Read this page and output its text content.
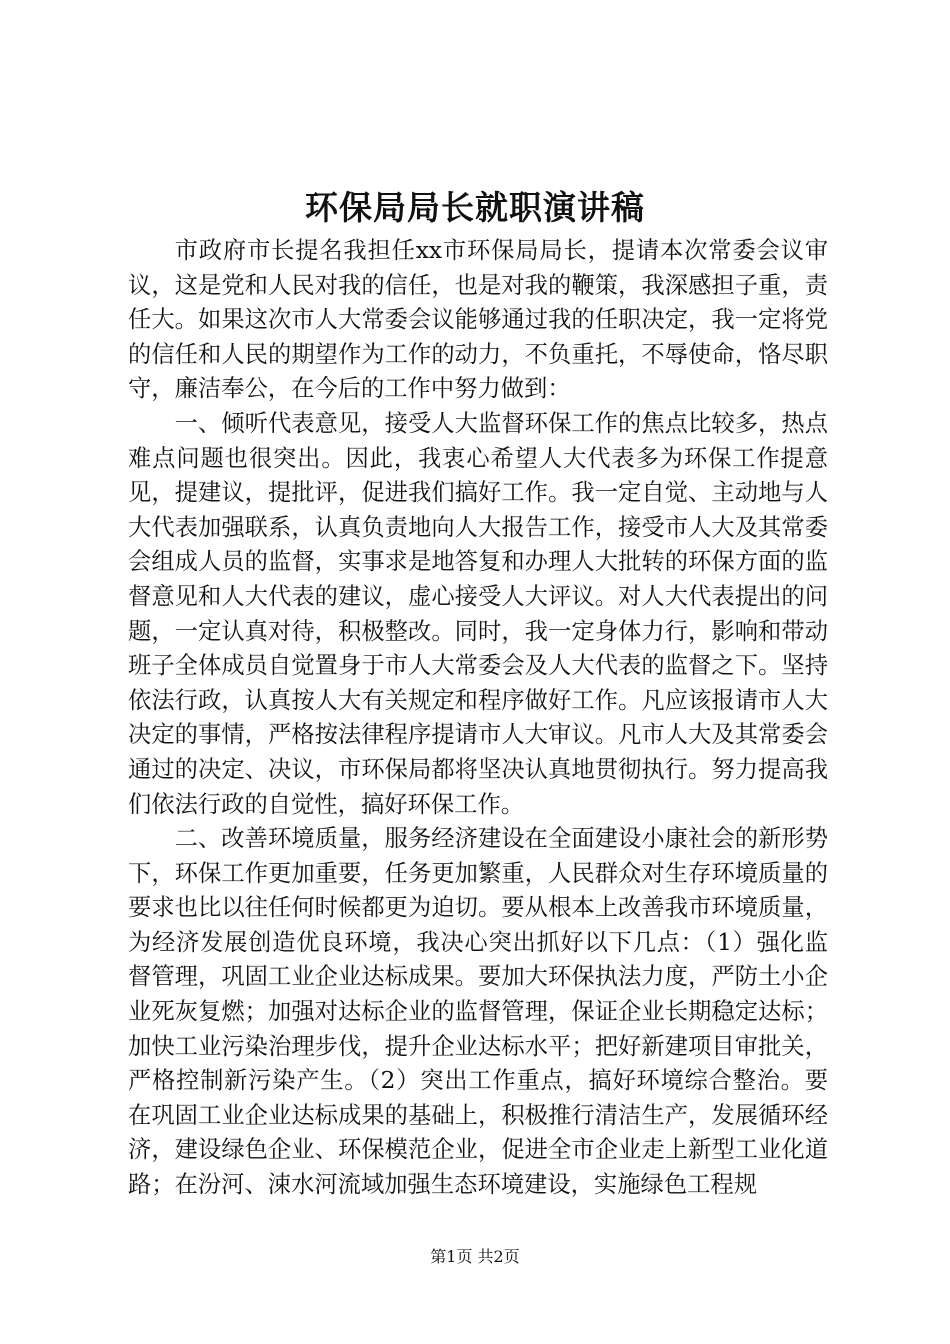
环保局局长就职演讲稿

市政府市长提名我担任xx市环保局局长，提请本次常委会议审议，这是党和人民对我的信任，也是对我的鞭策，我深感担子重，责任大。如果这次市人大常委会议能够通过我的任职决定，我一定将党的信任和人民的期望作为工作的动力，不负重托，不辱使命，恪尽职守，廉洁奉公，在今后的工作中努力做到：

一、倾听代表意见，接受人大监督环保工作的焦点比较多，热点难点问题也很突出。因此，我衷心希望人大代表多为环保工作提意见，提建议，提批评，促进我们搞好工作。我一定自觉、主动地与人大代表加强联系，认真负责地向人大报告工作，接受市人大及其常委会组成人员的监督，实事求是地答复和办理人大批转的环保方面的监督意见和人大代表的建议，虚心接受人大评议。对人大代表提出的问题，一定认真对待，积极整改。同时，我一定身体力行，影响和带动班子全体成员自觉置身于市人大常委会及人大代表的监督之下。坚持依法行政，认真按人大有关规定和程序做好工作。凡应该报请市人大决定的事情，严格按法律程序提请市人大审议。凡市人大及其常委会通过的决定、决议，市环保局都将坚决认真地贯彻执行。努力提高我们依法行政的自觉性，搞好环保工作。

二、改善环境质量，服务经济建设在全面建设小康社会的新形势下，环保工作更加重要，任务更加繁重，人民群众对生存环境质量的要求也比以往任何时候都更为迫切。要从根本上改善我市环境质量，为经济发展创造优良环境，我决心突出抓好以下几点：（1）强化监督管理，巩固工业企业达标成果。要加大环保执法力度，严防土小企业死灰复燃；加强对达标企业的监督管理，保证企业长期稳定达标；加快工业污染治理步伐，提升企业达标水平；把好新建项目审批关，严格控制新污染产生。（2）突出工作重点，搞好环境综合整治。要在巩固工业企业达标成果的基础上，积极推行清洁生产，发展循环经济，建设绿色企业、环保模范企业，促进全市企业走上新型工业化道路；在汾河、涑水河流域加强生态环境建设，实施绿色工程规

第1页 共2页
